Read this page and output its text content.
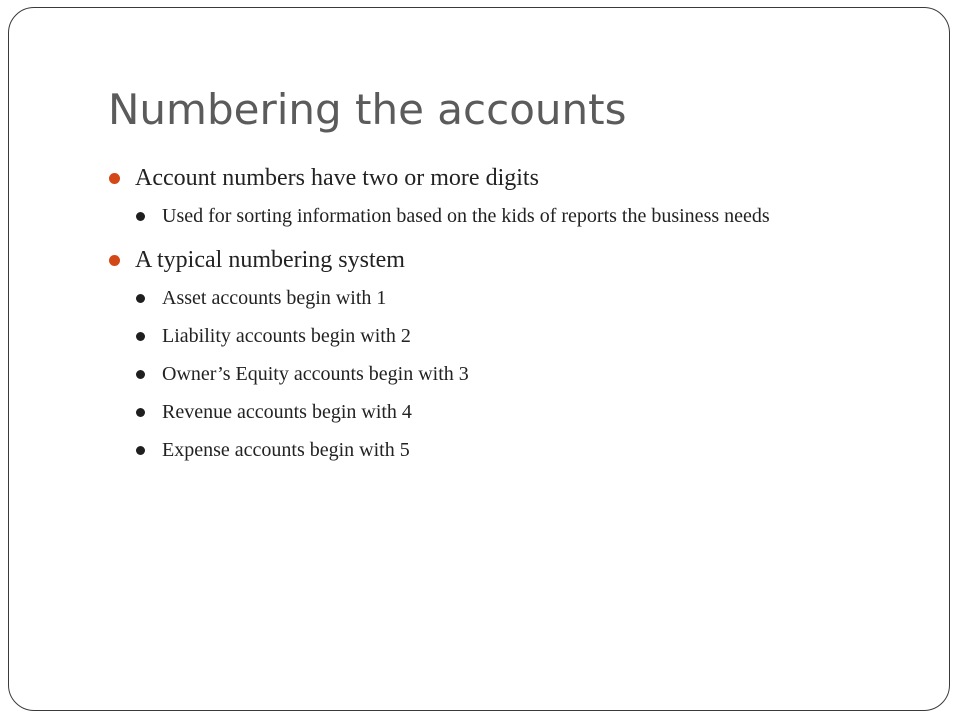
Numbering the accounts
Account numbers have two or more digits
Used for sorting information based on the kids of reports the business needs
A typical numbering system
Asset accounts begin with 1
Liability accounts begin with 2
Owner’s Equity accounts begin with 3
Revenue accounts begin with 4
Expense accounts begin with 5
